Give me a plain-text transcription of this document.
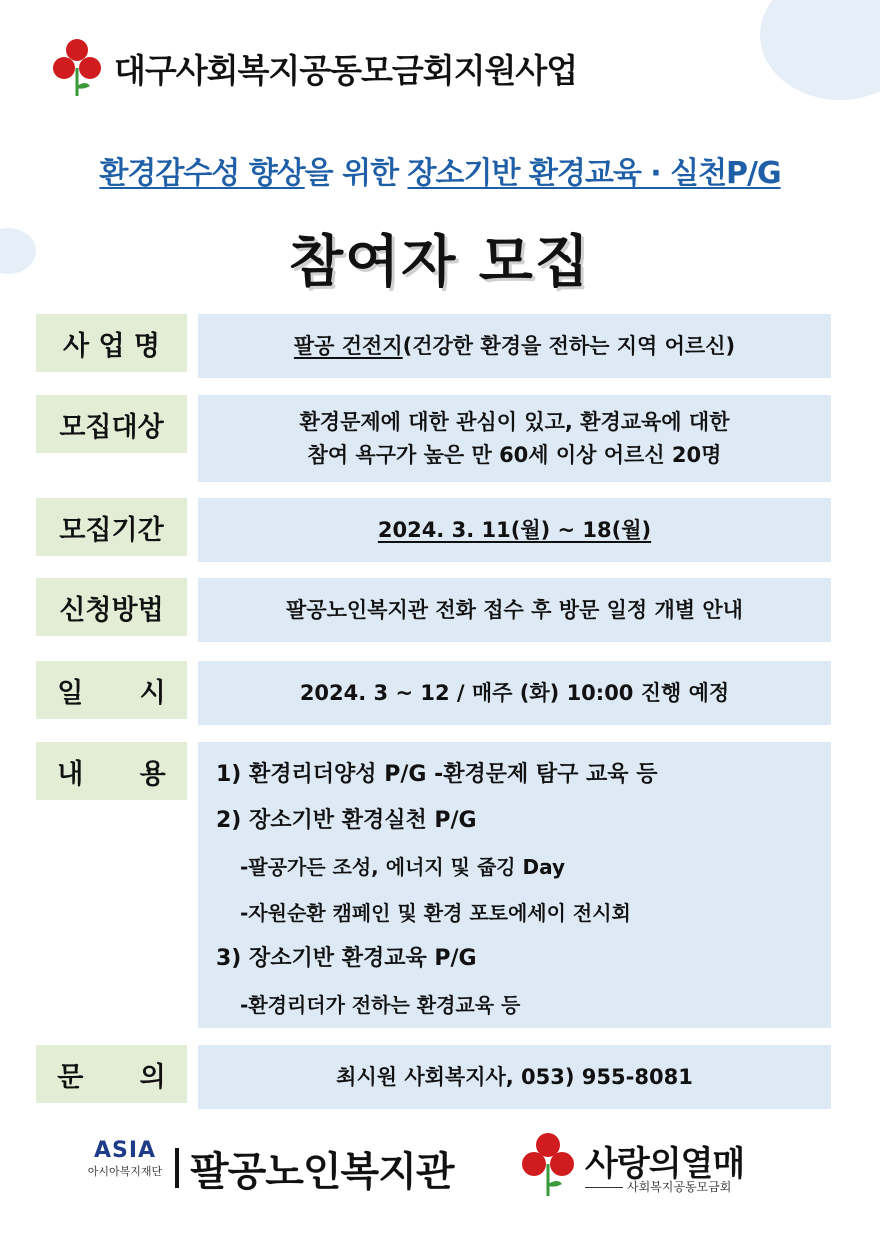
대구사회복지공동모금회지원사업
환경감수성 향상을 위한 장소기반 환경교육 · 실천P/G
참여자 모집
사 업 명	팔공 건전지(건강한 환경을 전하는 지역 어르신)
모집대상	환경문제에 대한 관심이 있고, 환경교육에 대한
참여 욕구가 높은 만 60세 이상 어르신 20명
모집기간	2024. 3. 11(월) ~ 18(월)
신청방법	팔공노인복지관 전화 접수 후 방문 일정 개별 안내
일      시	2024. 3 ~ 12 / 매주 (화) 10:00 진행 예정
내      용	1) 환경리더양성 P/G -환경문제 탐구 교육 등
2) 장소기반 환경실천 P/G
-팔공가든 조성, 에너지 및 줍깅 Day
-자원순환 캠페인 및 환경 포토에세이 전시회
3) 장소기반 환경교육 P/G
-환경리더가 전하는 환경교육 등
문      의	최시원 사회복지사, 053) 955-8081
ASIA
아시아복지재단 팔공노인복지관	사랑의열매
사회복지공동모금회
